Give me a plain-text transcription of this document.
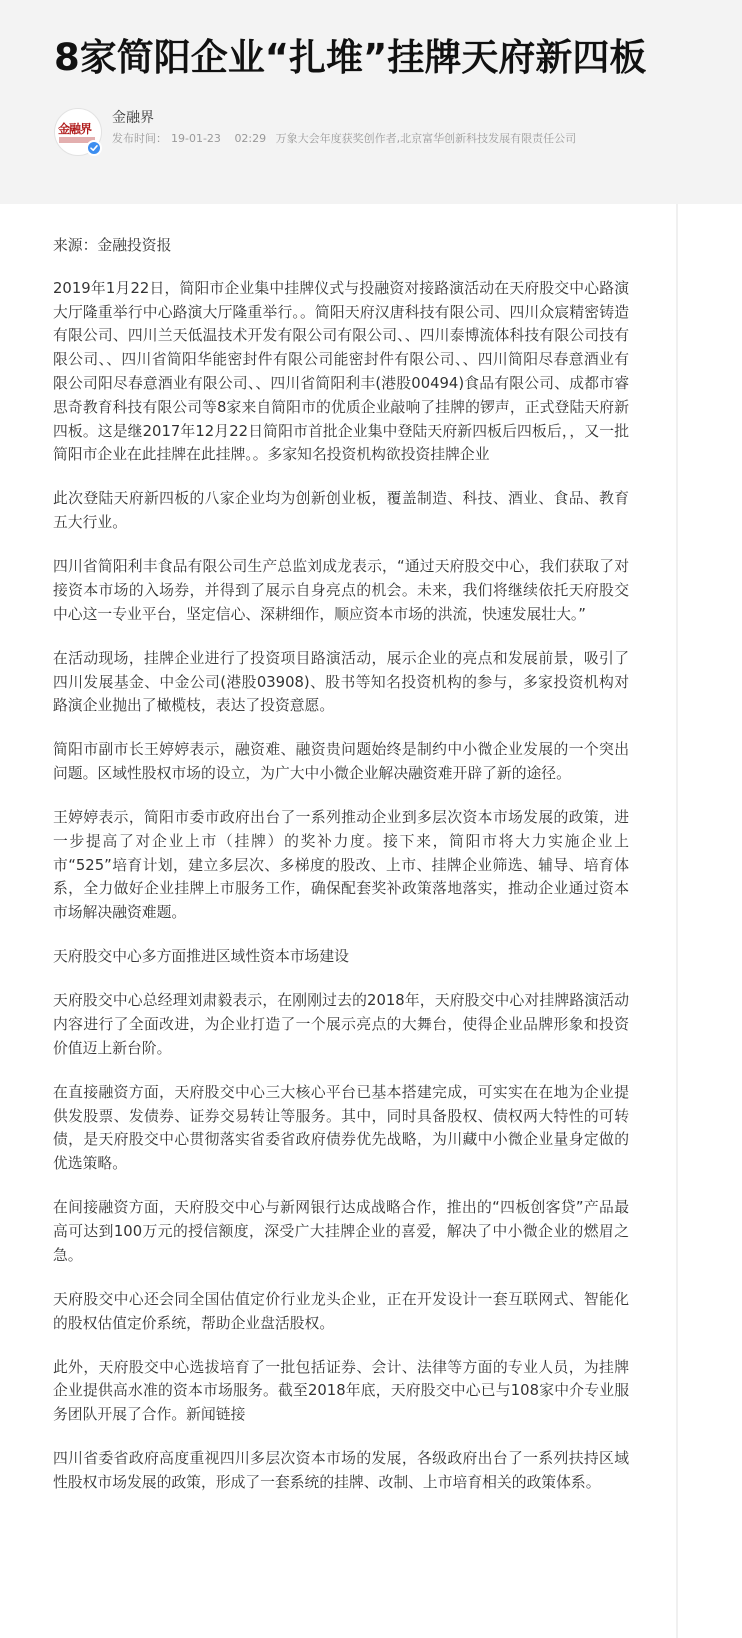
8家简阳企业“扎堆”挂牌天府新四板
金融界
金融界
发布时间： 19-01-23 02:29 万象大会年度获奖创作者,北京富华创新科技发展有限责任公司

来源：金融投资报

2019年1月22日，简阳市企业集中挂牌仪式与投融资对接路演活动在天府股交中心路演大厅隆重举行中心路演大厅隆重举行。。简阳天府汉唐科技有限公司、四川众宸精密铸造有限公司、四川兰天低温技术开发有限公司有限公司、、四川泰博流体科技有限公司技有限公司、、四川省简阳华能密封件有限公司能密封件有限公司、、四川简阳尽春意酒业有限公司阳尽春意酒业有限公司、、四川省简阳利丰(港股00494)食品有限公司、成都市睿思奇教育科技有限公司等8家来自简阳市的优质企业敲响了挂牌的锣声，正式登陆天府新四板。这是继2017年12月22日简阳市首批企业集中登陆天府新四板后四板后，，又一批简阳市企业在此挂牌在此挂牌。。多家知名投资机构欲投资挂牌企业

此次登陆天府新四板的八家企业均为创新创业板，覆盖制造、科技、酒业、食品、教育五大行业。

四川省简阳利丰食品有限公司生产总监刘成龙表示，“通过天府股交中心，我们获取了对接资本市场的入场券，并得到了展示自身亮点的机会。未来，我们将继续依托天府股交中心这一专业平台，坚定信心、深耕细作，顺应资本市场的洪流，快速发展壮大。”

在活动现场，挂牌企业进行了投资项目路演活动，展示企业的亮点和发展前景，吸引了四川发展基金、中金公司(港股03908)、股书等知名投资机构的参与，多家投资机构对路演企业抛出了橄榄枝，表达了投资意愿。

简阳市副市长王婷婷表示，融资难、融资贵问题始终是制约中小微企业发展的一个突出问题。区域性股权市场的设立，为广大中小微企业解决融资难开辟了新的途径。

王婷婷表示，简阳市委市政府出台了一系列推动企业到多层次资本市场发展的政策，进一步提高了对企业上市（挂牌）的奖补力度。接下来，简阳市将大力实施企业上市“525”培育计划，建立多层次、多梯度的股改、上市、挂牌企业筛选、辅导、培育体系，全力做好企业挂牌上市服务工作，确保配套奖补政策落地落实，推动企业通过资本市场解决融资难题。

天府股交中心多方面推进区域性资本市场建设

天府股交中心总经理刘肃毅表示，在刚刚过去的2018年，天府股交中心对挂牌路演活动内容进行了全面改进，为企业打造了一个展示亮点的大舞台，使得企业品牌形象和投资价值迈上新台阶。

在直接融资方面，天府股交中心三大核心平台已基本搭建完成，可实实在在地为企业提供发股票、发债券、证券交易转让等服务。其中，同时具备股权、债权两大特性的可转债，是天府股交中心贯彻落实省委省政府债券优先战略，为川藏中小微企业量身定做的优选策略。

在间接融资方面，天府股交中心与新网银行达成战略合作，推出的“四板创客贷”产品最高可达到100万元的授信额度，深受广大挂牌企业的喜爱，解决了中小微企业的燃眉之急。

天府股交中心还会同全国估值定价行业龙头企业，正在开发设计一套互联网式、智能化的股权估值定价系统，帮助企业盘活股权。

此外，天府股交中心选拔培育了一批包括证券、会计、法律等方面的专业人员，为挂牌企业提供高水准的资本市场服务。截至2018年底，天府股交中心已与108家中介专业服务团队开展了合作。新闻链接

四川省委省政府高度重视四川多层次资本市场的发展，各级政府出台了一系列扶持区域性股权市场发展的政策，形成了一套系统的挂牌、改制、上市培育相关的政策体系。
